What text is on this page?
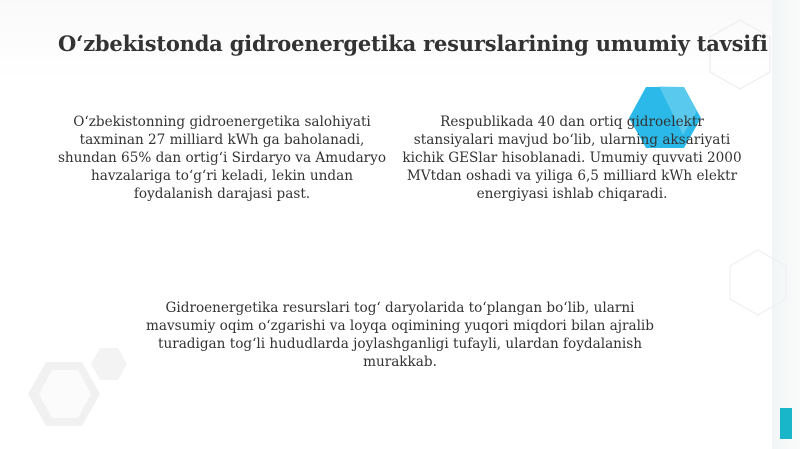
O‘zbekistonda gidroenergetika resurslarining umumiy tavsifi

O‘zbekistonning gidroenergetika salohiyati taxminan 27 milliard kWh ga baholanadi, shundan 65% dan ortig‘i Sirdaryo va Amudaryo havzalariga to‘g‘ri keladi, lekin undan foydalanish darajasi past.

Respublikada 40 dan ortiq gidroelektr stansiyalari mavjud bo‘lib, ularning aksariyati kichik GESlar hisoblanadi. Umumiy quvvati 2000 MVtdan oshadi va yiliga 6,5 milliard kWh elektr energiyasi ishlab chiqaradi.

Gidroenergetika resurslari tog‘ daryolarida to‘plangan bo‘lib, ularni mavsumiy oqim o‘zgarishi va loyqa oqimining yuqori miqdori bilan ajralib turadigan tog‘li hududlarda joylashganligi tufayli, ulardan foydalanish murakkab.
